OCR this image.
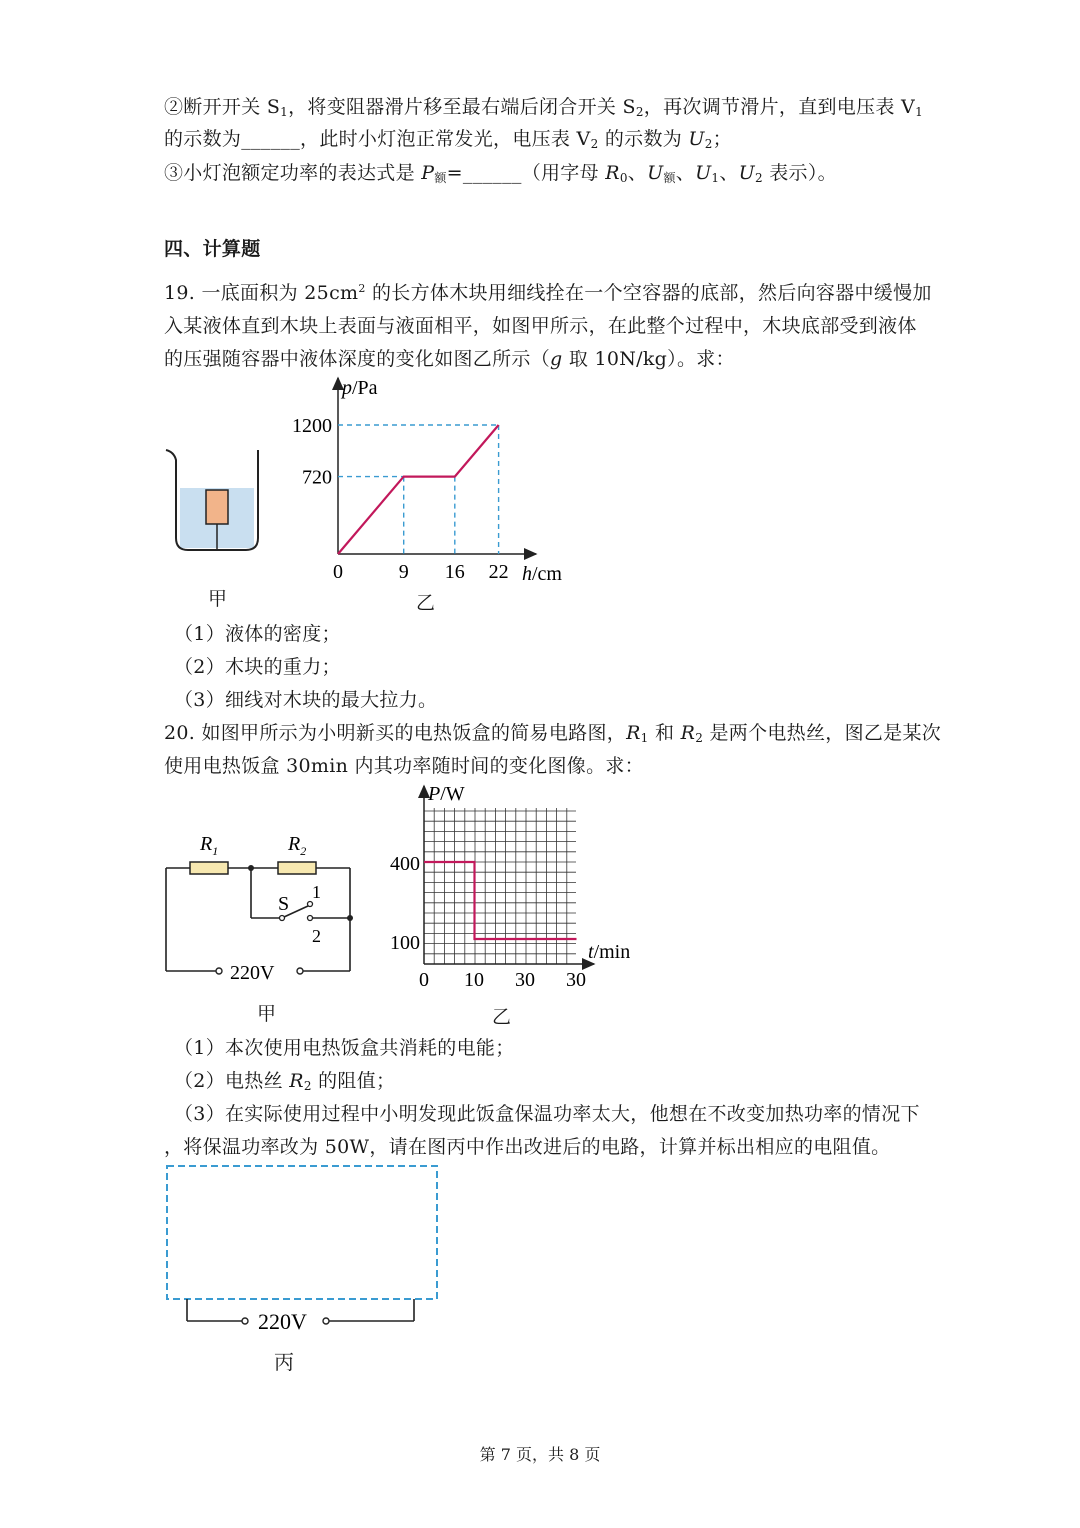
②断开开关 $S_1$，将变阻器滑片移至最右端后闭合开关 $S_2$，再次调节滑片，直到电压表 $V_1$
的示数为______，此时小灯泡正常发光，电压表 $V_2$ 的示数为 $U_2$；
③小灯泡额定功率的表达式是 $P_额=\_\_\_\_\_\_$（用字母 $R_0$、$U_额$、$U_1$、$U_2$ 表示）。
四、计算题
19. 一底面积为 $25cm^2$ 的长方体木块用细线拴在一个空容器的底部，然后向容器中缓慢加
入某液体直到木块上表面与液面相平，如图甲所示，在此整个过程中，木块底部受到液体
的压强随容器中液体深度的变化如图乙所示（g 取 10N/kg）。求：
甲
p/Pa
h/cm
720
1200
0	9 16 22
乙
（1）液体的密度；
（2）木块的重力；
（3）细线对木块的最大拉力。
20. 如图甲所示为小明新买的电热饭盒的简易电路图，$R_1$ 和 $R_2$ 是两个电热丝，图乙是某次
使用电热饭盒 30min 内其功率随时间的变化图像。求：
$R_1$	$R_2$
S
1
2
220V
甲
P/W
t/min
400
100
0 10 30 30
乙
（1）本次使用电热饭盒共消耗的电能；
（2）电热丝 $R_2$ 的阻值；
（3）在实际使用过程中小明发现此饭盒保温功率太大，他想在不改变加热功率的情况下
，将保温功率改为 50W，请在图丙中作出改进后的电路，计算并标出相应的电阻值。
220V
丙
第 7 页，共 8 页
